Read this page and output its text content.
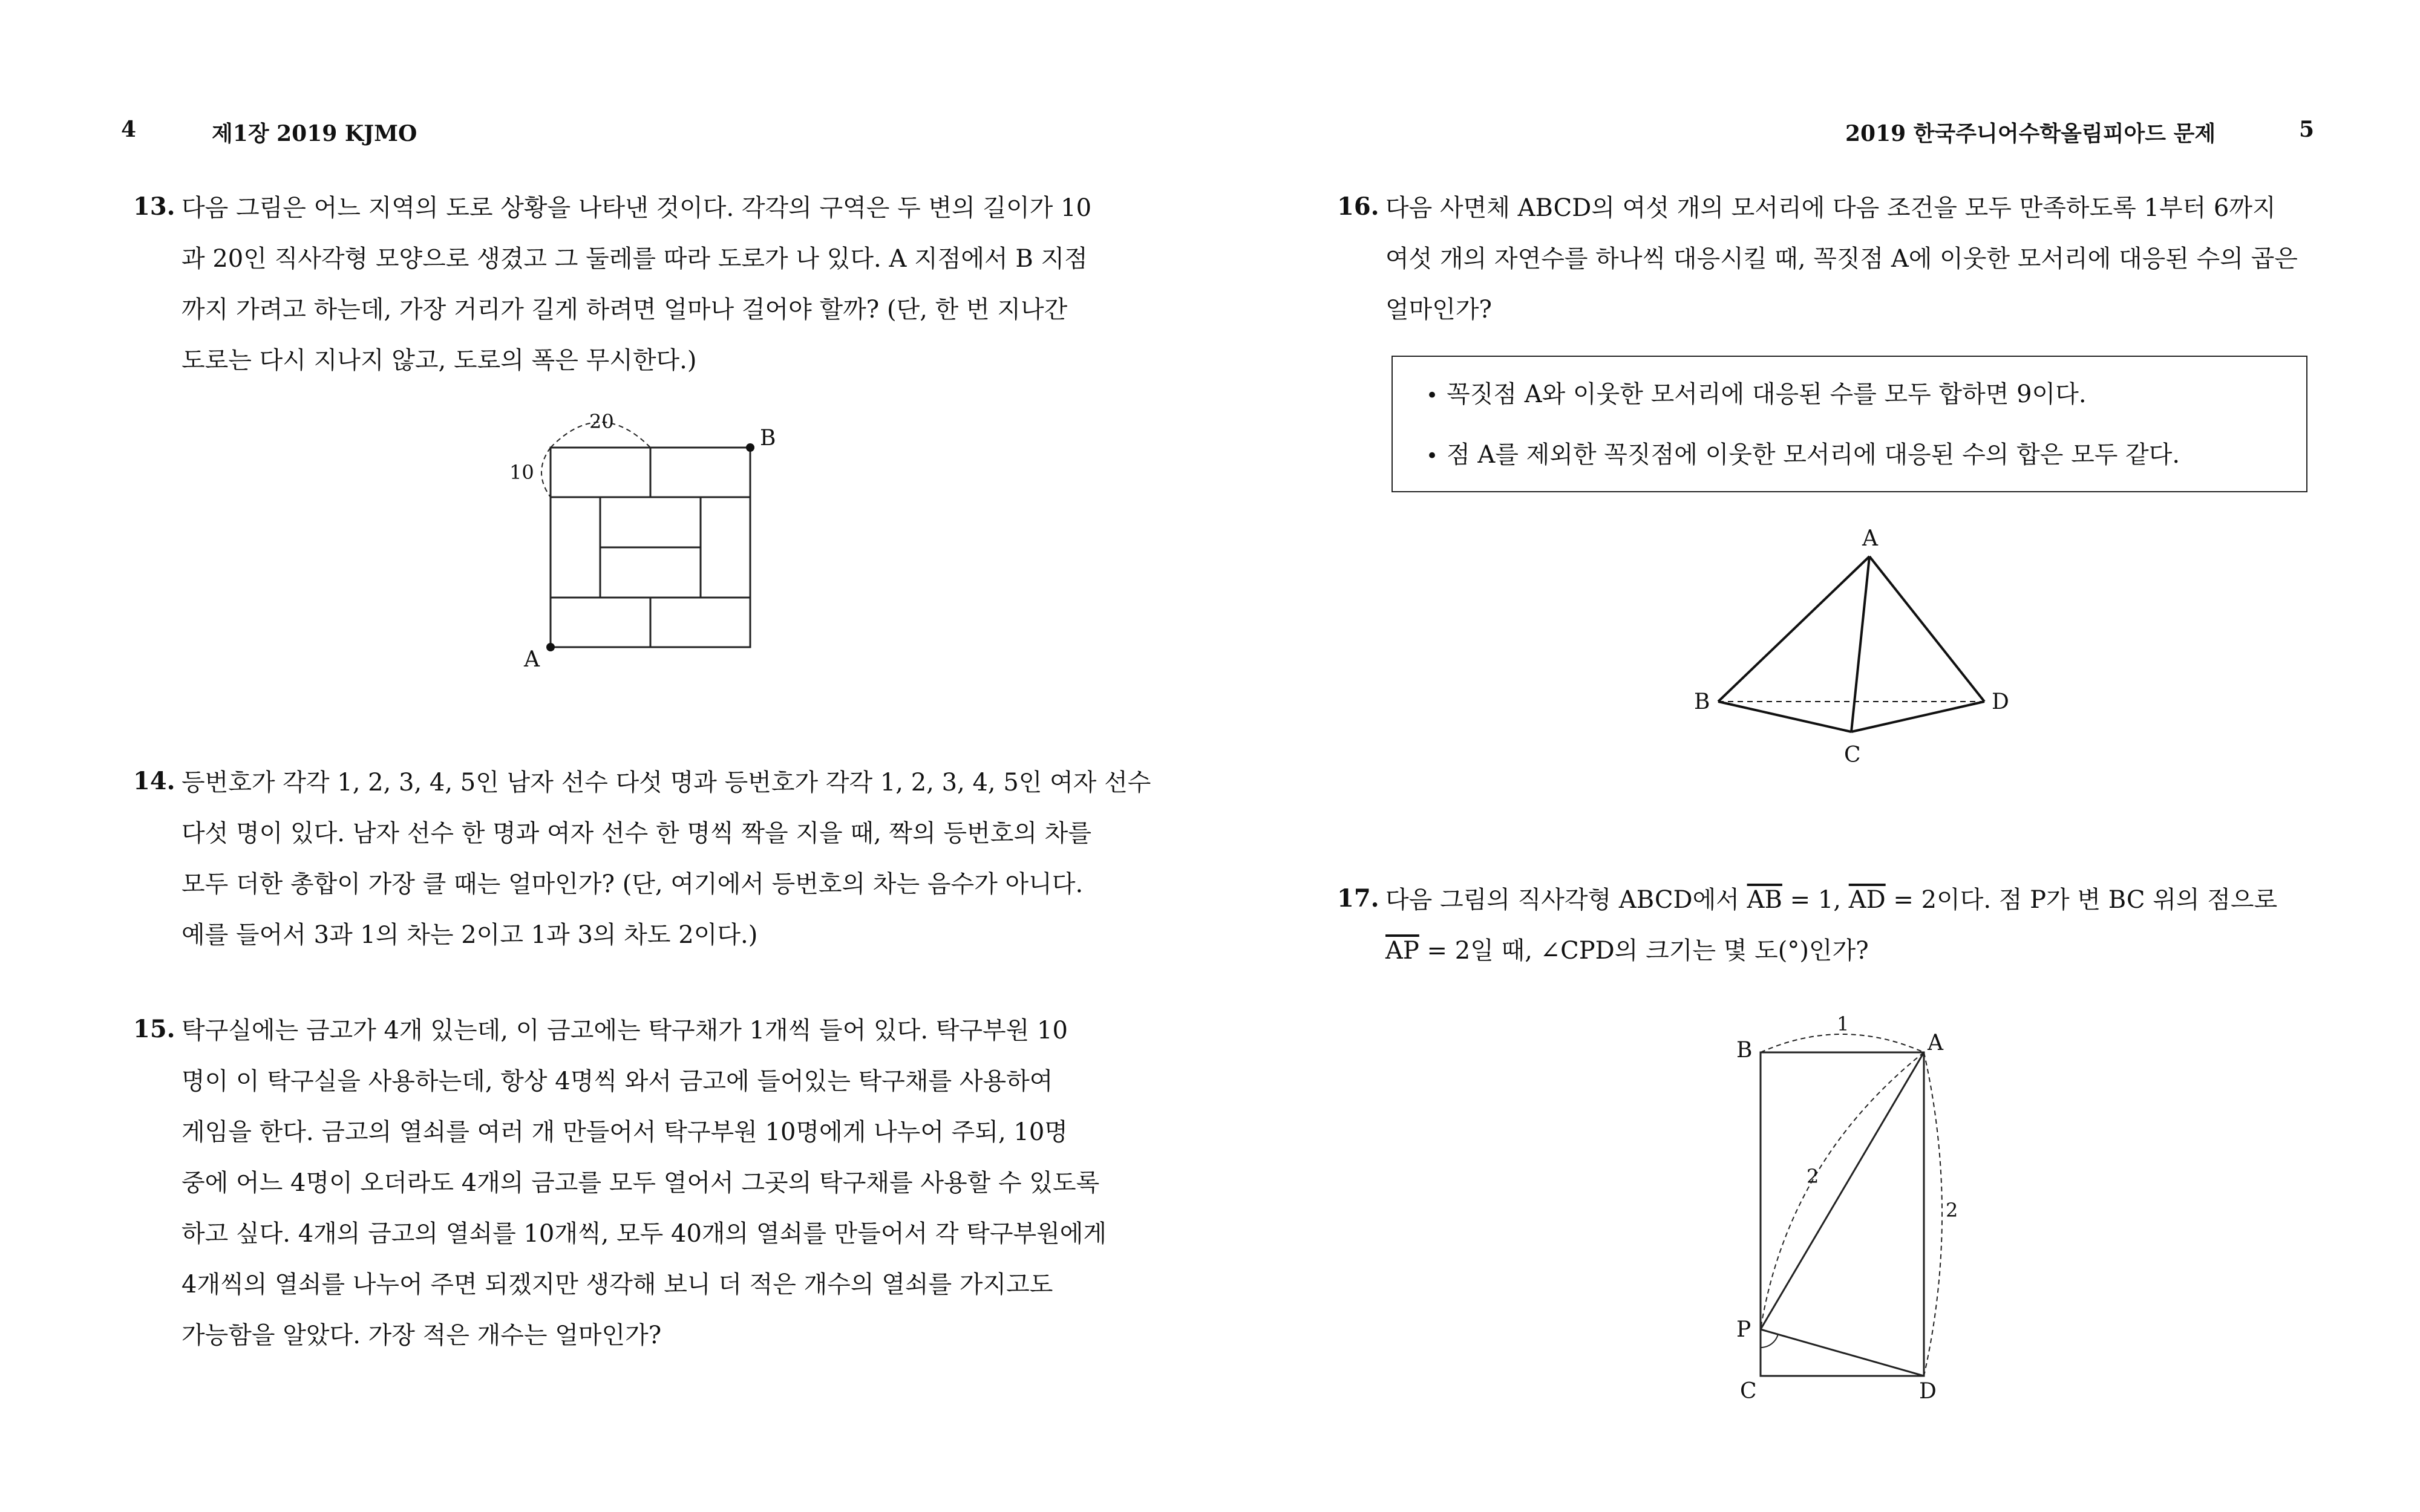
4	제1장 2019 KJMO
13. 다음 그림은 어느 지역의 도로 상황을 나타낸 것이다. 각각의 구역은 두 변의 길이가 10
과 20인 직사각형 모양으로 생겼고 그 둘레를 따라 도로가 나 있다. A 지점에서 B 지점
까지 가려고 하는데, 가장 거리가 길게 하려면 얼마나 걸어야 할까? (단, 한 번 지나간
도로는 다시 지나지 않고, 도로의 폭은 무시한다.)
20
10
B
A
14. 등번호가 각각 1, 2, 3, 4, 5인 남자 선수 다섯 명과 등번호가 각각 1, 2, 3, 4, 5인 여자 선수
다섯 명이 있다. 남자 선수 한 명과 여자 선수 한 명씩 짝을 지을 때, 짝의 등번호의 차를
모두 더한 총합이 가장 클 때는 얼마인가? (단, 여기에서 등번호의 차는 음수가 아니다.
예를 들어서 3과 1의 차는 2이고 1과 3의 차도 2이다.)
15. 탁구실에는 금고가 4개 있는데, 이 금고에는 탁구채가 1개씩 들어 있다. 탁구부원 10
명이 이 탁구실을 사용하는데, 항상 4명씩 와서 금고에 들어있는 탁구채를 사용하여
게임을 한다. 금고의 열쇠를 여러 개 만들어서 탁구부원 10명에게 나누어 주되, 10명
중에 어느 4명이 오더라도 4개의 금고를 모두 열어서 그곳의 탁구채를 사용할 수 있도록
하고 싶다. 4개의 금고의 열쇠를 10개씩, 모두 40개의 열쇠를 만들어서 각 탁구부원에게
4개씩의 열쇠를 나누어 주면 되겠지만 생각해 보니 더 적은 개수의 열쇠를 가지고도
가능함을 알았다. 가장 적은 개수는 얼마인가?
2019 한국주니어수학올림피아드 문제	5
16. 다음 사면체 ABCD의 여섯 개의 모서리에 다음 조건을 모두 만족하도록 1부터 6까지
여섯 개의 자연수를 하나씩 대응시킬 때, 꼭짓점 A에 이웃한 모서리에 대응된 수의 곱은
얼마인가?
• 꼭짓점 A와 이웃한 모서리에 대응된 수를 모두 합하면 9이다.
• 점 A를 제외한 꼭짓점에 이웃한 모서리에 대응된 수의 합은 모두 같다.
A
B
C
D
17. 다음 그림의 직사각형 ABCD에서 $\overline{AB} = 1$, $\overline{AD} = 2$이다. 점 P가 변 BC 위의 점으로
$\overline{AP} = 2$일 때, ∠CPD의 크기는 몇 도(°)인가?
1
2
2
B	A
P
C	D
